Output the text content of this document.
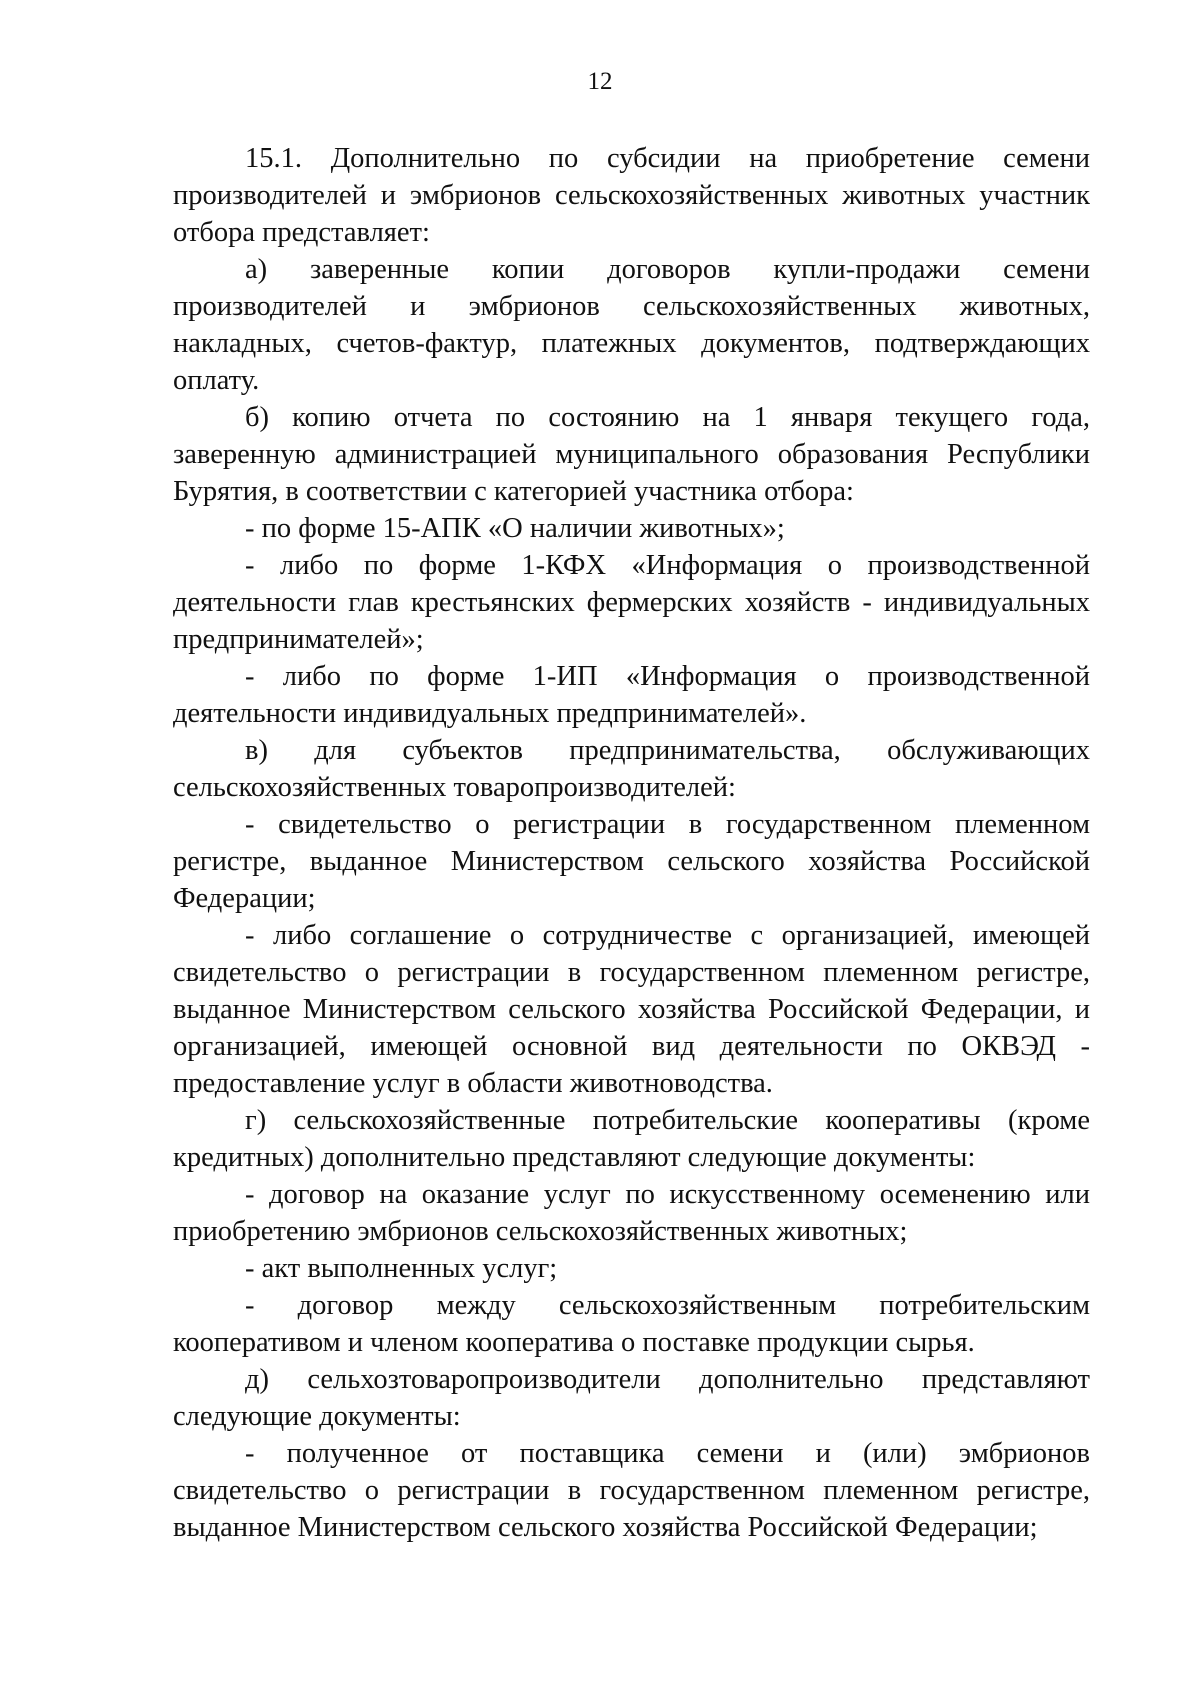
12

15.1. Дополнительно по субсидии на приобретение семени производителей и эмбрионов сельскохозяйственных животных участник отбора представляет:

а) заверенные копии договоров купли-продажи семени производителей и эмбрионов сельскохозяйственных животных, накладных, счетов-фактур, платежных документов, подтверждающих оплату.

б) копию отчета по состоянию на 1 января текущего года, заверенную администрацией муниципального образования Республики Бурятия, в соответствии с категорией участника отбора:

- по форме 15-АПК «О наличии животных»;

- либо по форме 1-КФХ «Информация о производственной деятельности глав крестьянских фермерских хозяйств - индивидуальных предпринимателей»;

- либо по форме 1-ИП «Информация о производственной деятельности индивидуальных предпринимателей».

в) для субъектов предпринимательства, обслуживающих сельскохозяйственных товаропроизводителей:

- свидетельство о регистрации в государственном племенном регистре, выданное Министерством сельского хозяйства Российской Федерации;

- либо соглашение о сотрудничестве с организацией, имеющей свидетельство о регистрации в государственном племенном регистре, выданное Министерством сельского хозяйства Российской Федерации, и организацией, имеющей основной вид деятельности по ОКВЭД - предоставление услуг в области животноводства.

г) сельскохозяйственные потребительские кооперативы (кроме кредитных) дополнительно представляют следующие документы:

- договор на оказание услуг по искусственному осеменению или приобретению эмбрионов сельскохозяйственных животных;

- акт выполненных услуг;

- договор между сельскохозяйственным потребительским кооперативом и членом кооператива о поставке продукции сырья.

д) сельхозтоваропроизводители дополнительно представляют следующие документы:

- полученное от поставщика семени и (или) эмбрионов свидетельство о регистрации в государственном племенном регистре, выданное Министерством сельского хозяйства Российской Федерации;
